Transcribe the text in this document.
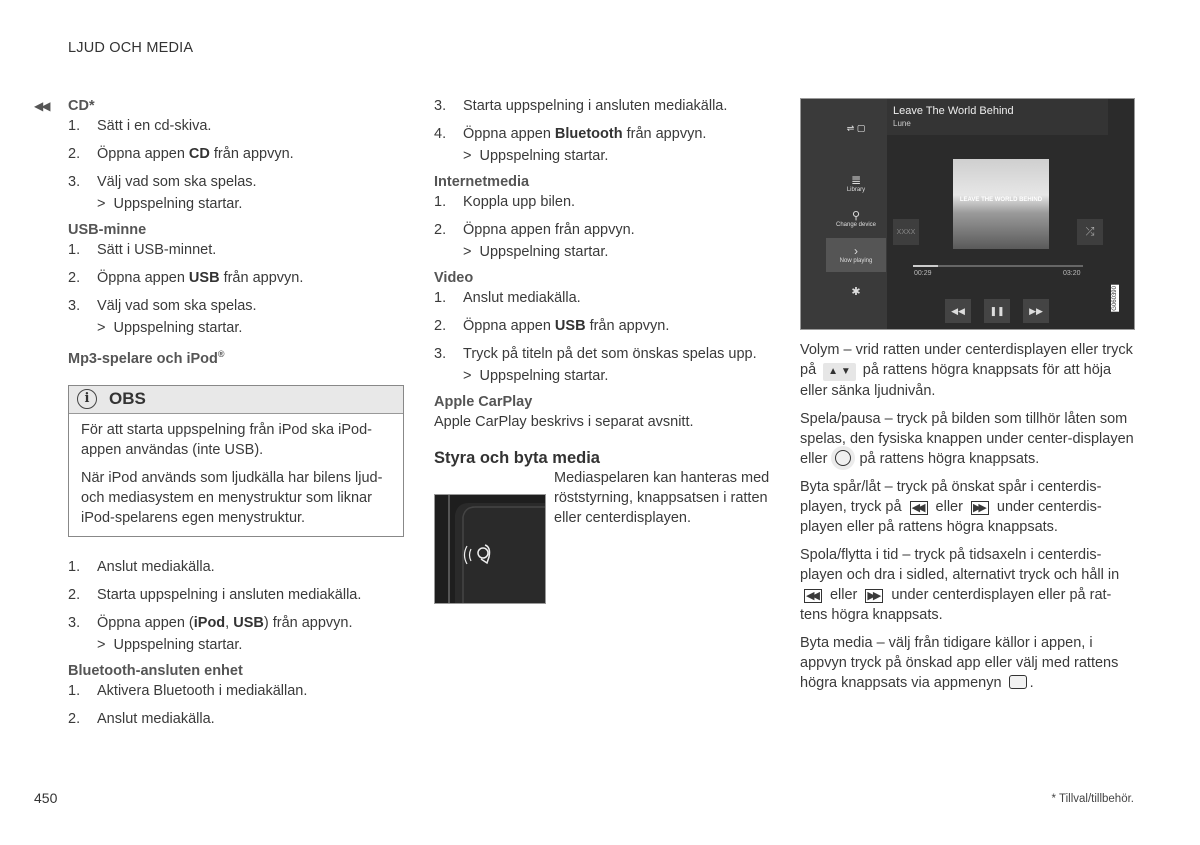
LJUD OCH MEDIA
◀◀ CD*
1. Sätt i en cd-skiva.
2. Öppna appen CD från appvyn.
3. Välj vad som ska spelas.
> Uppspelning startar.
USB-minne
1. Sätt i USB-minnet.
2. Öppna appen USB från appvyn.
3. Välj vad som ska spelas.
> Uppspelning startar.
Mp3-spelare och iPod®
i	OBS

För att starta uppspelning från iPod ska iPod-appen användas (inte USB).

När iPod används som ljudkälla har bilens ljud- och mediasystem en menystruktur som liknar iPod-spelarens egen menystruktur.

1. Anslut mediakälla.
2. Starta uppspelning i ansluten mediakälla.
3. Öppna appen (iPod, USB) från appvyn.
> Uppspelning startar.
Bluetooth-ansluten enhet
1. Aktivera Bluetooth i mediakällan.
2. Anslut mediakälla.
3. Starta uppspelning i ansluten mediakälla.
4. Öppna appen Bluetooth från appvyn.
> Uppspelning startar.
Internetmedia
1. Koppla upp bilen.
2. Öppna appen från appvyn.
> Uppspelning startar.
Video
1. Anslut mediakälla.
2. Öppna appen USB från appvyn.
3. Tryck på titeln på det som önskas spelas upp.
> Uppspelning startar.
Apple CarPlay
Apple CarPlay beskrivs i separat avsnitt.
Styra och byta media
Mediaspelaren kan hanteras med röststyrning, knappsatsen i ratten eller centerdisplayen.
⇌ ▢
≣
Library
⚲
Change device
›
Now playing
✱
Leave The World Behind
Lune
XXXX	⤮
LEAVE THE WORLD BEHIND
00:29	03:20
◀◀	❚❚	▶▶	G060390
Volym – vrid ratten under centerdisplayen eller tryck på ▲ ▼ på rattens högra knappsats för att höja eller sänka ljudnivån.
Spela/pausa – tryck på bilden som tillhör låten som spelas, den fysiska knappen under center-displayen eller  på rattens högra knappsats.
Byta spår/låt – tryck på önskat spår i centerdis-playen, tryck på ◀◀ eller ▶▶ under centerdis-playen eller på rattens högra knappsats.
Spola/flytta i tid – tryck på tidsaxeln i centerdis-playen och dra i sidled, alternativt tryck och håll in ◀◀ eller ▶▶ under centerdisplayen eller på rat-tens högra knappsats.
Byta media – välj från tidigare källor i appen, i appvyn tryck på önskad app eller välj med rattens högra knappsats via appmenyn .
450	* Tillval/tillbehör.
